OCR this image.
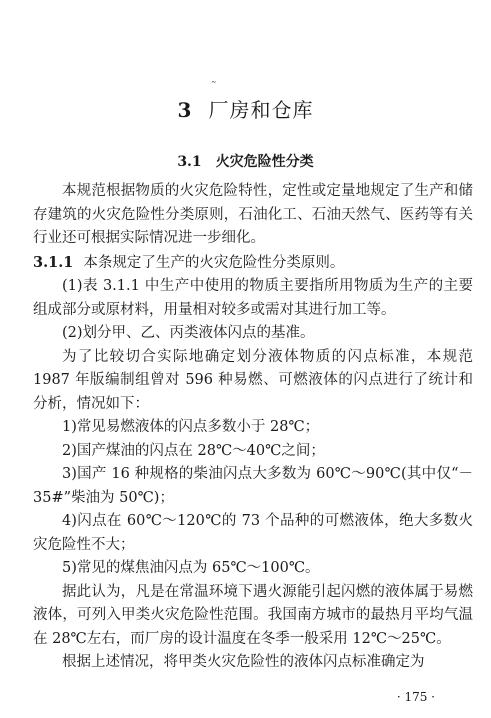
˜
3 厂房和仓库
3.1 火灾危险性分类

本规范根据物质的火灾危险特性，定性或定量地规定了生产和储存建筑的火灾危险性分类原则，石油化工、石油天然气、医药等有关行业还可根据实际情况进一步细化。

3.1.1 本条规定了生产的火灾危险性分类原则。

(1)表 3.1.1 中生产中使用的物质主要指所用物质为生产的主要组成部分或原材料，用量相对较多或需对其进行加工等。

(2)划分甲、乙、丙类液体闪点的基准。

为了比较切合实际地确定划分液体物质的闪点标准，本规范 1987 年版编制组曾对 596 种易燃、可燃液体的闪点进行了统计和分析，情况如下：

1)常见易燃液体的闪点多数小于 28℃；

2)国产煤油的闪点在 28℃～40℃之间；

3)国产 16 种规格的柴油闪点大多数为 60℃～90℃(其中仅“－35#”柴油为 50℃)；

4)闪点在 60℃～120℃的 73 个品种的可燃液体，绝大多数火灾危险性不大；

5)常见的煤焦油闪点为 65℃～100℃。

据此认为，凡是在常温环境下遇火源能引起闪燃的液体属于易燃液体，可列入甲类火灾危险性范围。我国南方城市的最热月平均气温在 28℃左右，而厂房的设计温度在冬季一般采用 12℃～25℃。

根据上述情况，将甲类火灾危险性的液体闪点标准确定为

· 175 ·
